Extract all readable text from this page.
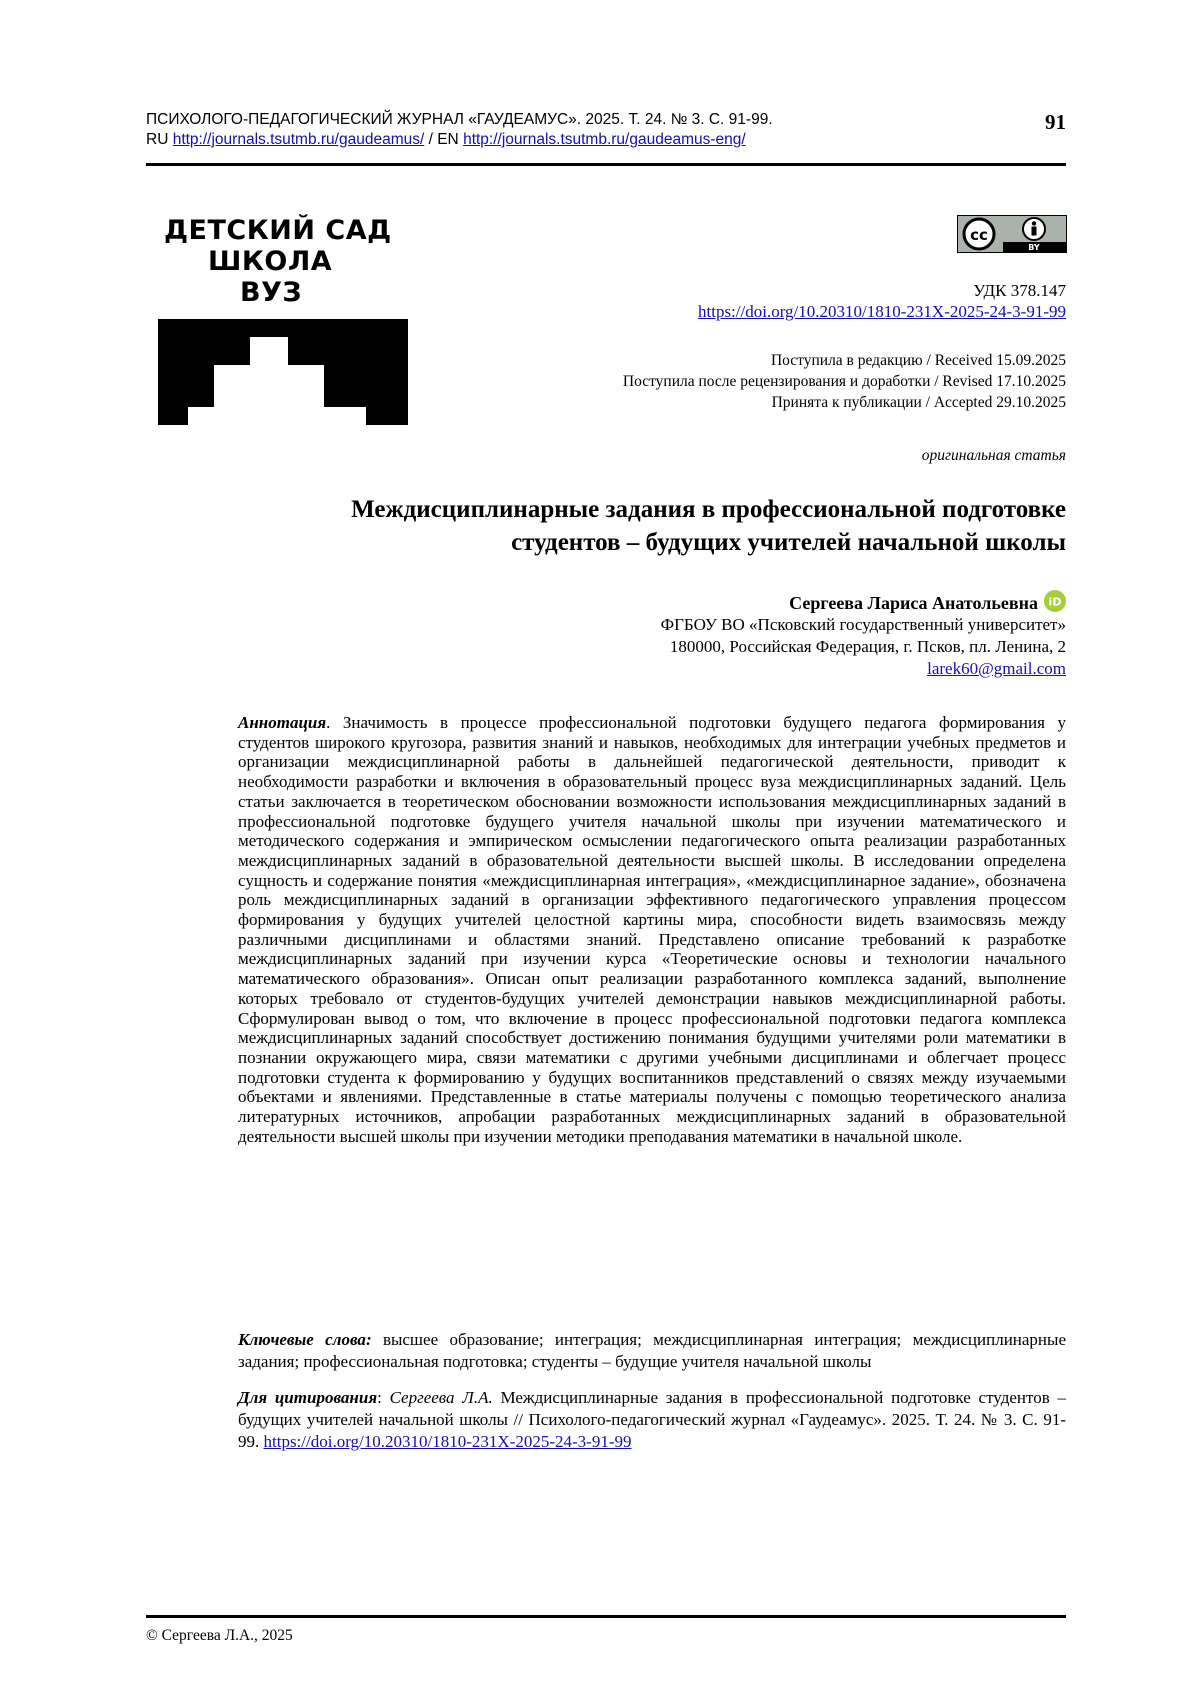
ПСИХОЛОГО-ПЕДАГОГИЧЕСКИЙ ЖУРНАЛ «ГАУДЕАМУС». 2025. Т. 24. № 3. С. 91-99.
RU http://journals.tsutmb.ru/gaudeamus/ / EN http://journals.tsutmb.ru/gaudeamus-eng/
91
ДЕТСКИЙ САД
ШКОЛА
ВУЗ
cc
BY
УДК 378.147
https://doi.org/10.20310/1810-231X-2025-24-3-91-99
Поступила в редакцию / Received 15.09.2025
Поступила после рецензирования и доработки / Revised 17.10.2025
Принята к публикации / Accepted 29.10.2025
оригинальная статья
Междисциплинарные задания в профессиональной подготовке
студентов – будущих учителей начальной школы
Сергеева Лариса Анатольевна iD
ФГБОУ ВО «Псковский государственный университет»
180000, Российская Федерация, г. Псков, пл. Ленина, 2
larek60@gmail.com
Аннотация. Значимость в процессе профессиональной подготовки будущего педагога формирования у студентов широкого кругозора, развития знаний и навыков, необходимых для интеграции учебных предметов и организации междисциплинарной работы в дальнейшей педагогической деятельности, приводит к необходимости разработки и включения в образовательный процесс вуза междисциплинарных заданий. Цель статьи заключается в теоретическом обосновании возможности использования междисциплинарных заданий в профессиональной подготовке будущего учителя начальной школы при изучении математического и методического содержания и эмпирическом осмыслении педагогического опыта реализации разработанных междисциплинарных заданий в образовательной деятельности высшей школы. В исследовании определена сущность и содержание понятия «междисциплинарная интеграция», «междисциплинарное задание», обозначена роль междисциплинарных заданий в организации эффективного педагогического управления процессом формирования у будущих учителей целостной картины мира, способности видеть взаимосвязь между различными дисциплинами и областями знаний. Представлено описание требований к разработке междисциплинарных заданий при изучении курса «Теоретические основы и технологии начального математического образования». Описан опыт реализации разработанного комплекса заданий, выполнение которых требовало от студентов-будущих учителей демонстрации навыков междисциплинарной работы. Сформулирован вывод о том, что включение в процесс профессиональной подготовки педагога комплекса междисциплинарных заданий способствует достижению понимания будущими учителями роли математики в познании окружающего мира, связи математики с другими учебными дисциплинами и облегчает процесс подготовки студента к формированию у будущих воспитанников представлений о связях между изучаемыми объектами и явлениями. Представленные в статье материалы получены с помощью теоретического анализа литературных источников, апробации разработанных междисциплинарных заданий в образовательной деятельности высшей школы при изучении методики преподавания математики в начальной школе.
Ключевые слова: высшее образование; интеграция; междисциплинарная интеграция; междисциплинарные задания; профессиональная подготовка; студенты – будущие учителя начальной школы
Для цитирования: Сергеева Л.А. Междисциплинарные задания в профессиональной подготовке студентов – будущих учителей начальной школы // Психолого-педагогический журнал «Гаудеамус». 2025. Т. 24. № 3. С. 91-99. https://doi.org/10.20310/1810-231X-2025-24-3-91-99
© Сергеева Л.А., 2025
